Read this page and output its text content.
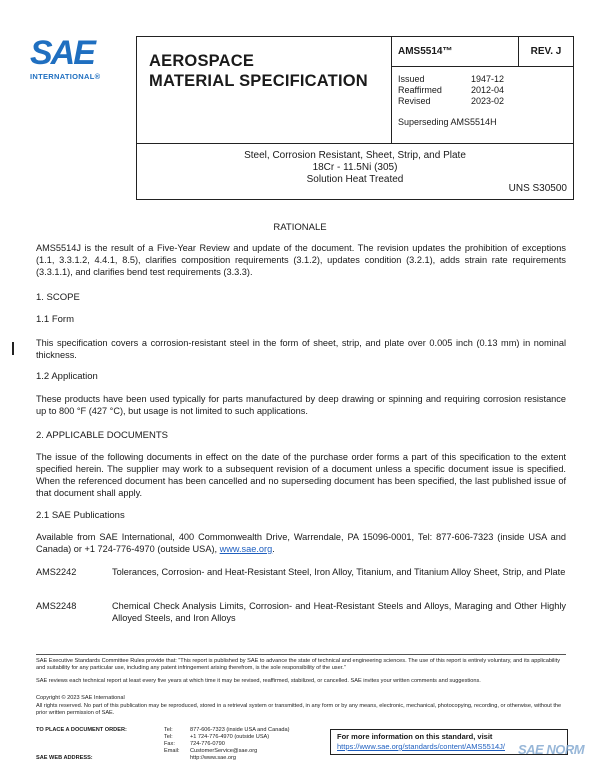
SAE
INTERNATIONAL®
AEROSPACE
MATERIAL SPECIFICATION
AMS5514™	REV. J
Issued	1947-12
Reaffirmed	2012-04
Revised	2023-02
Superseding AMS5514H
Steel, Corrosion Resistant, Sheet, Strip, and Plate
18Cr - 11.5Ni (305)
Solution Heat Treated
UNS S30500
RATIONALE
AMS5514J is the result of a Five-Year Review and update of the document. The revision updates the prohibition of exceptions (1.1, 3.3.1.2, 4.4.1, 8.5), clarifies composition requirements (3.1.2), updates condition (3.2.1), adds strain rate requirements (3.3.1.1), and clarifies bend test requirements (3.3.3).
1. SCOPE
1.1 Form
This specification covers a corrosion-resistant steel in the form of sheet, strip, and plate over 0.005 inch (0.13 mm) in nominal thickness.
1.2 Application
These products have been used typically for parts manufactured by deep drawing or spinning and requiring corrosion resistance up to 800 °F (427 °C), but usage is not limited to such applications.
2. APPLICABLE DOCUMENTS
The issue of the following documents in effect on the date of the purchase order forms a part of this specification to the extent specified herein. The supplier may work to a subsequent revision of a document unless a specific document issue is specified. When the referenced document has been cancelled and no superseding document has been specified, the last published issue of that document shall apply.
2.1 SAE Publications
Available from SAE International, 400 Commonwealth Drive, Warrendale, PA 15096-0001, Tel: 877-606-7323 (inside USA and Canada) or +1 724-776-4970 (outside USA), www.sae.org.
AMS2242	Tolerances, Corrosion- and Heat-Resistant Steel, Iron Alloy, Titanium, and Titanium Alloy Sheet, Strip, and Plate
AMS2248	Chemical Check Analysis Limits, Corrosion- and Heat-Resistant Steels and Alloys, Maraging and Other Highly Alloyed Steels, and Iron Alloys
SAE Executive Standards Committee Rules provide that: “This report is published by SAE to advance the state of technical and engineering sciences. The use of this report is entirely voluntary, and its applicability and suitability for any particular use, including any patent infringement arising therefrom, is the sole responsibility of the user.”
SAE reviews each technical report at least every five years at which time it may be revised, reaffirmed, stabilized, or cancelled. SAE invites your written comments and suggestions.
Copyright © 2023 SAE International
All rights reserved. No part of this publication may be reproduced, stored in a retrieval system or transmitted, in any form or by any means, electronic, mechanical, photocopying, recording, or otherwise, without the prior written permission of SAE.
TO PLACE A DOCUMENT ORDER:	Tel:	877-606-7323 (inside USA and Canada)
Tel:	+1 724-776-4970 (outside USA)
Fax:	724-776-0790
Email:	CustomerService@sae.org
SAE WEB ADDRESS:	http://www.sae.org
For more information on this standard, visit
https://www.sae.org/standards/content/AMS5514J/ SAE NORM
